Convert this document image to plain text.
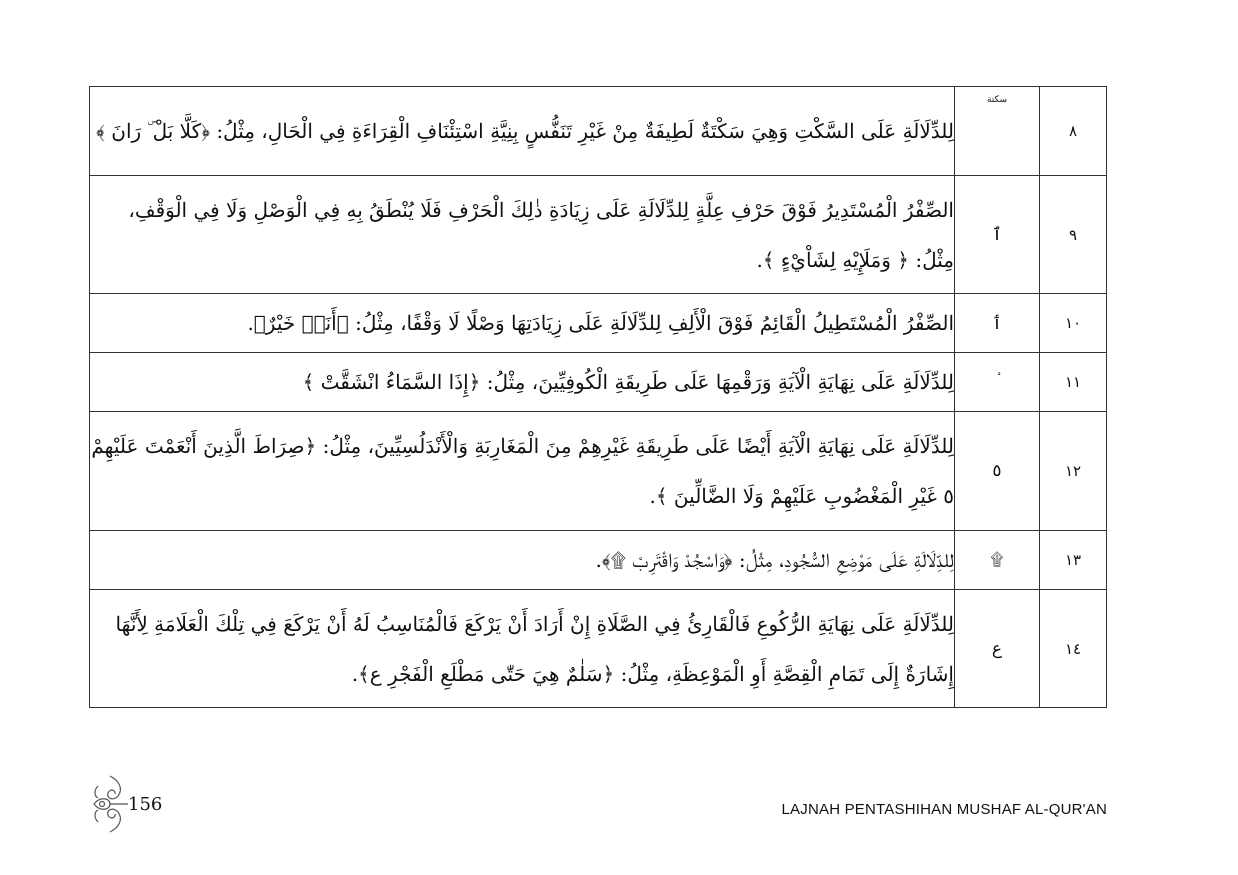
٨	سكتة	لِلدِّلَالَةِ عَلَى السَّكْتِ وَهِيَ سَكْتَةٌ لَطِيفَةٌ مِنْ غَيْرِ تَنَفُّسٍ بِنِيَّةِ اسْتِئْنَافِ الْقِرَاءَةِ فِي الْحَالِ، مِثْلُ: ﴿كَلَّا بَلْ ۜ رَانَ ﴾
٩	ٱ	الصِّفْرُ الْمُسْتَدِيرُ فَوْقَ حَرْفِ عِلَّةٍ لِلدِّلَالَةِ عَلَى زِيَادَةِ ذٰلِكَ الْحَرْفِ فَلَا يُنْطَقُ بِهِ فِي الْوَصْلِ وَلَا فِي الْوَقْفِ، مِثْلُ: ﴿ وَمَلَإِيْهِ لِشَاْيْءٍ ﴾.
١٠	ٲ	الصِّفْرُ الْمُسْتَطِيلُ الْقَائِمُ فَوْقَ الْأَلِفِ لِلدِّلَالَةِ عَلَى زِيَادَتِهَا وَصْلًا لَا وَقْفًا، مِثْلُ: ﴿أَنَا۠ خَيْرٌ﴾.
١١		لِلدِّلَالَةِ عَلَى نِهَايَةِ الْآيَةِ وَرَقْمِهَا عَلَى طَرِيقَةِ الْكُوفِيِّينَ، مِثْلُ: ﴿إِذَا السَّمَاءُ انْشَقَّتْ ﴾
١٢	٥	لِلدِّلَالَةِ عَلَى نِهَايَةِ الْآيَةِ أَيْضًا عَلَى طَرِيقَةِ غَيْرِهِمْ مِنَ الْمَغَارِبَةِ وَالْأَنْدَلُسِيِّينَ، مِثْلُ: ﴿صِرَاطَ الَّذِينَ أَنْعَمْتَ عَلَيْهِمْ ٥ غَيْرِ الْمَغْضُوبِ عَلَيْهِمْ وَلَا الضَّالِّينَ ﴾.
١٣	۩	لِلدِّلَالَةِ عَلَى مَوْضِعِ السُّجُودِ، مِثْلُ: ﴿وَاسْجُدْ وَاقْتَرِبْ ۩﴾.
١٤	ع	لِلدِّلَالَةِ عَلَى نِهَايَةِ الرُّكُوعِ فَالْقَارِئُ فِي الصَّلَاةِ إِنْ أَرَادَ أَنْ يَرْكَعَ فَالْمُنَاسِبُ لَهُ أَنْ يَرْكَعَ فِي تِلْكَ الْعَلَامَةِ لِأَنَّهَا إِشَارَةٌ إِلَى تَمَامِ الْقِصَّةِ أَوِ الْمَوْعِظَةِ، مِثْلُ: ﴿سَلٰمٌ هِيَ حَتّٰى مَطْلَعِ الْفَجْرِ ع﴾.
156	LAJNAH PENTASHIHAN MUSHAF AL-QUR'AN
